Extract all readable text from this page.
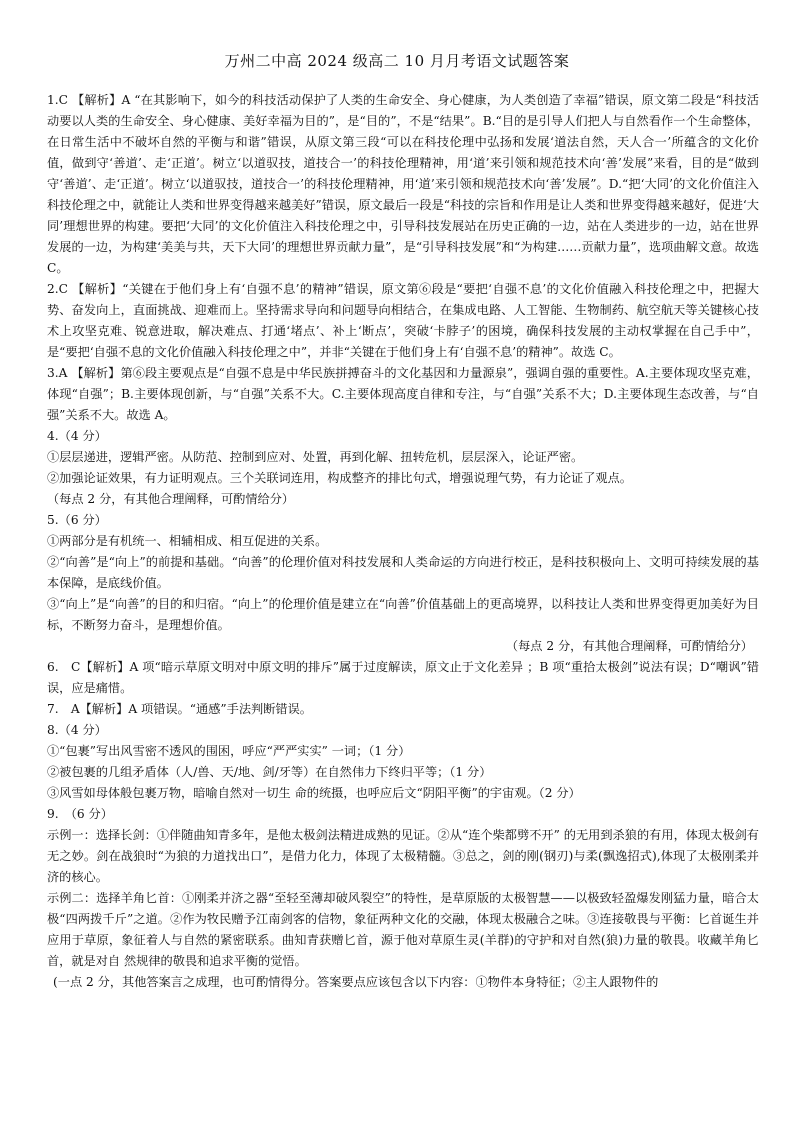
万州二中高 2024 级高二 10 月月考语文试题答案

1.C 【解析】A “在其影响下，如今的科技活动保护了人类的生命安全、身心健康，为人类创造了幸福”错误，原文第二段是“科技活动要以人类的生命安全、身心健康、美好幸福为目的”，是“目的”，不是“结果”。B.“目的是引导人们把人与自然看作一个生命整体，在日常生活中不破坏自然的平衡与和谐”错误，从原文第三段“可以在科技伦理中弘扬和发展‘道法自然，天人合一’所蕴含的文化价值，做到守‘善道’、走‘正道’。树立‘以道驭技，道技合一’的科技伦理精神，用‘道’来引领和规范技术向‘善’发展”来看，目的是“做到守‘善道’、走‘正道’。树立‘以道驭技，道技合一’的科技伦理精神，用‘道’来引领和规范技术向‘善’发展”。D.“把‘大同’的文化价值注入科技伦理之中，就能让人类和世界变得越来越美好”错误，原文最后一段是“科技的宗旨和作用是让人类和世界变得越来越好，促进‘大同’理想世界的构建。要把‘大同’的文化价值注入科技伦理之中，引导科技发展站在历史正确的一边，站在人类进步的一边，站在世界发展的一边，为构建‘美美与共，天下大同’的理想世界贡献力量”，是“引导科技发展”和“为构建……贡献力量”，选项曲解文意。故选 C。

2.C 【解析】“关键在于他们身上有‘自强不息’的精神”错误，原文第⑥段是“要把‘自强不息’的文化价值融入科技伦理之中，把握大势、奋发向上，直面挑战、迎难而上。坚持需求导向和问题导向相结合，在集成电路、人工智能、生物制药、航空航天等关键核心技术上攻坚克难、锐意进取，解决难点、打通‘堵点’、补上‘断点’，突破‘卡脖子’的困境，确保科技发展的主动权掌握在自己手中”，是“要把‘自强不息的文化价值融入科技伦理之中”，并非“关键在于他们身上有‘自强不息’的精神”。故选 C。

3.A 【解析】第⑥段主要观点是“自强不息是中华民族拼搏奋斗的文化基因和力量源泉”，强调自强的重要性。A.主要体现攻坚克难，体现“自强”；B.主要体现创新，与“自强”关系不大。C.主要体现高度自律和专注，与“自强”关系不大；D.主要体现生态改善，与“自强”关系不大。故选 A。

4.（4 分）

①层层递进，逻辑严密。从防范、控制到应对、处置，再到化解、扭转危机，层层深入，论证严密。

②加强论证效果，有力证明观点。三个关联词连用，构成整齐的排比句式，增强说理气势，有力论证了观点。

（每点 2 分，有其他合理阐释，可酌情给分）

5.（6 分）

①两部分是有机统一、相辅相成、相互促进的关系。

②“向善”是“向上”的前提和基础。“向善”的伦理价值对科技发展和人类命运的方向进行校正，是科技积极向上、文明可持续发展的基本保障，是底线价值。

③“向上”是“向善”的目的和归宿。“向上”的伦理价值是建立在“向善”价值基础上的更高境界，以科技让人类和世界变得更加美好为目标，不断努力奋斗，是理想价值。

（每点 2 分，有其他合理阐释，可酌情给分）

6.　C【解析】A 项“暗示草原文明对中原文明的排斥”属于过度解读，原文止于文化差异 ；B 项“重拾太极剑”说法有误；D“嘲讽”错误，应是痛惜。

7.　A【解析】A 项错误。“通感”手法判断错误。

8.（4 分）

①“包裹”写出风雪密不透风的围困，呼应“严严实实” 一词；（1 分）

②被包裹的几组矛盾体（人/兽、天/地、剑/牙等）在自然伟力下终归平等；（1 分）

③风雪如母体般包裹万物，暗喻自然对一切生 命的统摄，也呼应后文“阴阳平衡”的宇宙观。（2 分）

9.　（6 分）

示例一：选择长剑：①伴随曲知青多年，是他太极剑法精进成熟的见证。②从“连个柴都劈不开” 的无用到杀狼的有用，体现太极剑有无之妙。剑在战狼时“为狼的力道找出口”，是借力化力，体现了太极精髓。③总之，剑的刚(钢刃)与柔(飘逸招式),体现了太极刚柔并济的核心。

示例二：选择羊角匕首：①刚柔并济之器“至轻至薄却破风裂空”的特性，是草原版的太极智慧——以极致轻盈爆发刚猛力量，暗合太极“四两拨千斤”之道。②作为牧民赠予江南剑客的信物，象征两种文化的交融，体现太极融合之味。③连接敬畏与平衡：匕首诞生并应用于草原，象征着人与自然的紧密联系。曲知青获赠匕首，源于他对草原生灵(羊群)的守护和对自然(狼)力量的敬畏。收藏羊角匕首，就是对自 然规律的敬畏和追求平衡的觉悟。

(一点 2 分，其他答案言之成理，也可酌情得分。答案要点应该包含以下内容：①物件本身特征；②主人跟物件的
